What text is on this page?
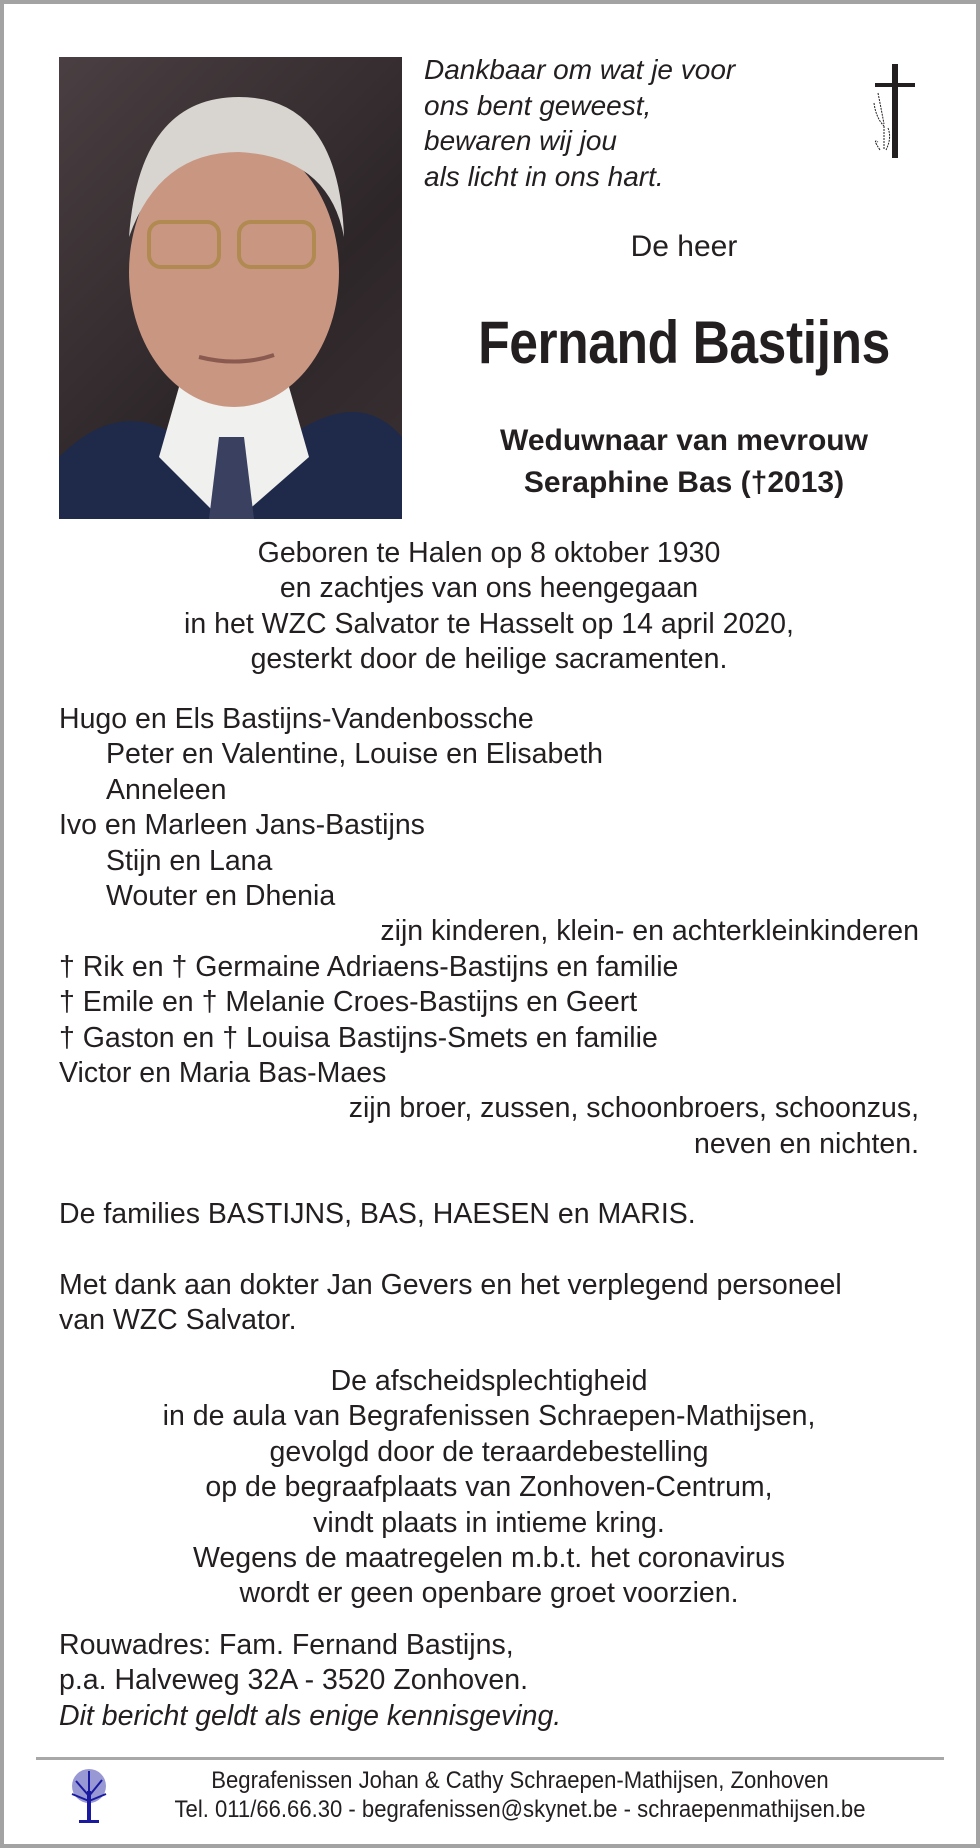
Dankbaar om wat je voor
ons bent geweest,
bewaren wij jou
als licht in ons hart.
De heer
Fernand Bastijns
Weduwnaar van mevrouw
Seraphine Bas (†2013)
Geboren te Halen op 8 oktober 1930
en zachtjes van ons heengegaan
in het WZC Salvator te Hasselt op 14 april 2020,
gesterkt door de heilige sacramenten.
Hugo en Els Bastijns-Vandenbossche
Peter en Valentine, Louise en Elisabeth
Anneleen
Ivo en Marleen Jans-Bastijns
Stijn en Lana
Wouter en Dhenia
zijn kinderen, klein- en achterkleinkinderen
† Rik en † Germaine Adriaens-Bastijns en familie
† Emile en † Melanie Croes-Bastijns en Geert
† Gaston en † Louisa Bastijns-Smets en familie
Victor en Maria Bas-Maes
zijn broer, zussen, schoonbroers, schoonzus,
neven en nichten.
De families BASTIJNS, BAS, HAESEN en MARIS.
Met dank aan dokter Jan Gevers en het verplegend personeel
van WZC Salvator.
De afscheidsplechtigheid
in de aula van Begrafenissen Schraepen-Mathijsen,
gevolgd door de teraardebestelling
op de begraafplaats van Zonhoven-Centrum,
vindt plaats in intieme kring.
Wegens de maatregelen m.b.t. het coronavirus
wordt er geen openbare groet voorzien.
Rouwadres: Fam. Fernand Bastijns,
p.a. Halveweg 32A - 3520 Zonhoven.
Dit bericht geldt als enige kennisgeving.
Begrafenissen Johan & Cathy Schraepen-Mathijsen, Zonhoven
Tel. 011/66.66.30 - begrafenissen@skynet.be - schraepenmathijsen.be
